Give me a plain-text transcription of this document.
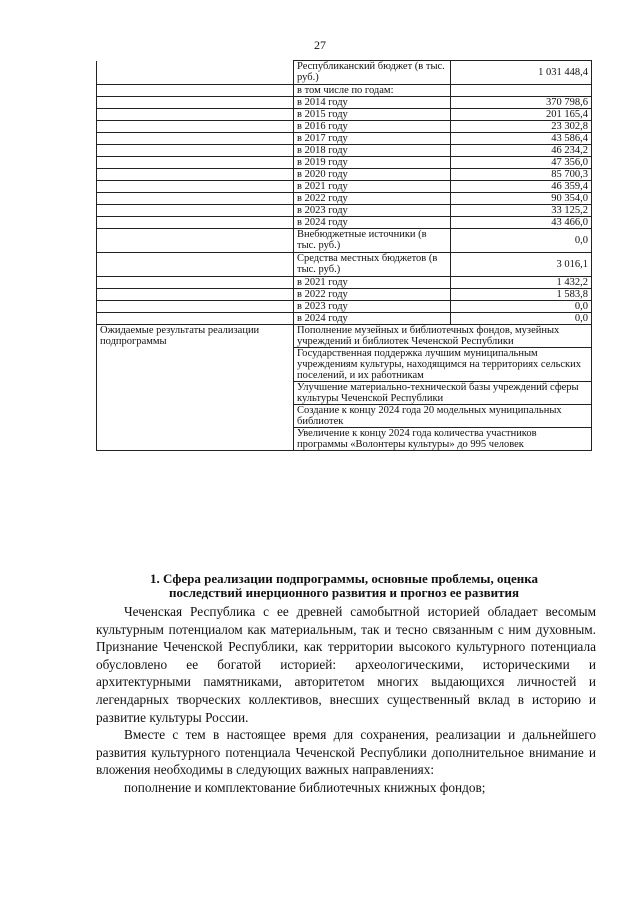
27
	Республиканский бюджет (в тыс. руб.)	1 031 448,4
	в том числе по годам:	
	в 2014 году	370 798,6
	в 2015 году	201 165,4
	в 2016 году	23 302,8
	в 2017 году	43 586,4
	в 2018 году	46 234,2
	в 2019 году	47 356,0
	в 2020 году	85 700,3
	в 2021 году	46 359,4
	в 2022 году	90 354,0
	в 2023 году	33 125,2
	в 2024 году	43 466,0
	Внебюджетные источники (в тыс. руб.)	0,0
	Средства местных бюджетов (в тыс. руб.)	3 016,1
	в 2021 году	1 432,2
	в 2022 году	1 583,8
	в 2023 году	0,0
	в 2024 году	0,0
Ожидаемые результаты реализации подпрограммы	Пополнение музейных и библиотечных фондов, музейных учреждений и библиотек Чеченской Республики	
	Государственная поддержка лучшим муниципальным учреждениям культуры, находящимся на территориях сельских поселений, и их работникам	
	Улучшение материально-технической базы учреждений сферы культуры Чеченской Республики	
	Создание к концу 2024 года 20 модельных муниципальных библиотек	
	Увеличение к концу 2024 года количества участников программы «Волонтеры культуры» до 995 человек	
1. Сфера реализации подпрограммы, основные проблемы, оценка
последствий инерционного развития и прогноз ее развития

Чеченская Республика с ее древней самобытной историей обладает весомым культурным потенциалом как материальным, так и тесно связанным с ним духовным. Признание Чеченской Республики, как территории высокого культурного потенциала обусловлено ее богатой историей: археологическими, историческими и архитектурными памятниками, авторитетом многих выдающихся личностей и легендарных творческих коллективов, внесших существенный вклад в историю и развитие культуры России.

Вместе с тем в настоящее время для сохранения, реализации и дальнейшего развития культурного потенциала Чеченской Республики дополнительное внимание и вложения необходимы в следующих важных направлениях:

пополнение и комплектование библиотечных книжных фондов;
